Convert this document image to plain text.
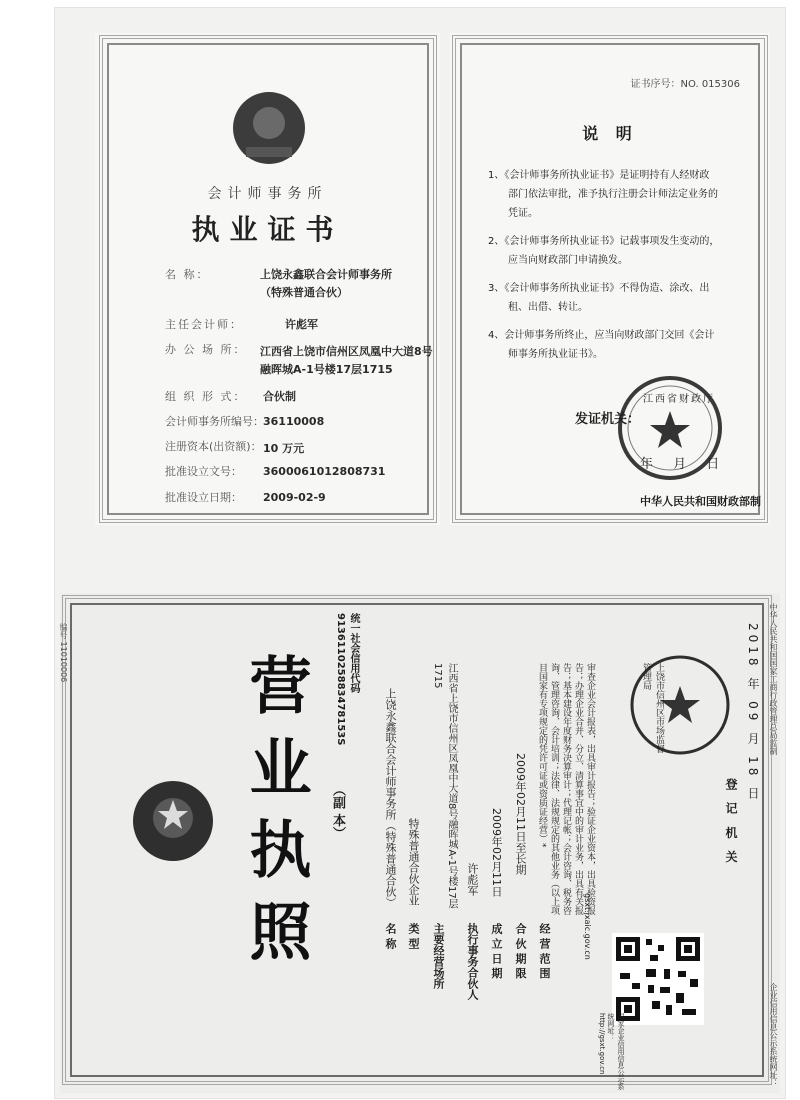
会计师事务所
执业证书
名 称：	上饶永鑫联合会计师事务所
（特殊普通合伙）
主任会计师：	许彪军
办 公 场 所： 江西省上饶市信州区凤凰中大道8号
融晖城A-1号楼17层1715
组 织 形 式： 合伙制
会计师事务所编号： 36110008
注册资本(出资额)： 10 万元
批准设立文号： 3600061012808731
批准设立日期： 2009-02-9
证书序号：NO. 015306
说 明
1、《会计师事务所执业证书》是证明持有人经财政
部门依法审批，准予执行注册会计师法定业务的
凭证。
2、《会计师事务所执业证书》记载事项发生变动的，
应当向财政部门申请换发。
3、《会计师事务所执业证书》不得伪造、涂改、出
租、出借、转让。
4、会计师事务所终止，应当向财政部门交回《会计
师事务所执业证书》。
江西省财政厅
发证机关：
年 月 日
中华人民共和国财政部制
编号 11010006
营业执照	（副 本）
统一社会信用代码 913611025883478153S
名 称
上饶永鑫联合会计师事务所（特殊普通合伙）
类 型
特殊普通合伙企业
主要经营场所
江西省上饶市信州区凤凰中大道8号融晖城A-1号楼17层1715
执行事务合伙人
许彪军
成 立 日 期
2009年02月11日
合 伙 期 限
2009年02月11日至长期
经 营 范 围
审查企业会计报表，出具审计报告；验证企业资本，出具验资报告；办理企业合并、分立、清算事宜中的审计业务，出具有关报告；基本建设年度财务决算审计；代理记帐；会计咨询、税务咨询、管理咨询、会计培训；法律、法规规定的其他业务（以上项目国家有专项规定的凭许可证或资质证经营）*
gsxt.jxaic.gov.cn
上饶市信州区市场监督管理局
登 记 机 关
2018 年 09 月 18 日 中华人民共和国国家工商行政管理总局监制
企业信用信息公示系统网址：
国家企业信用信息公示系统网址：http://gsxt.gov.cn
